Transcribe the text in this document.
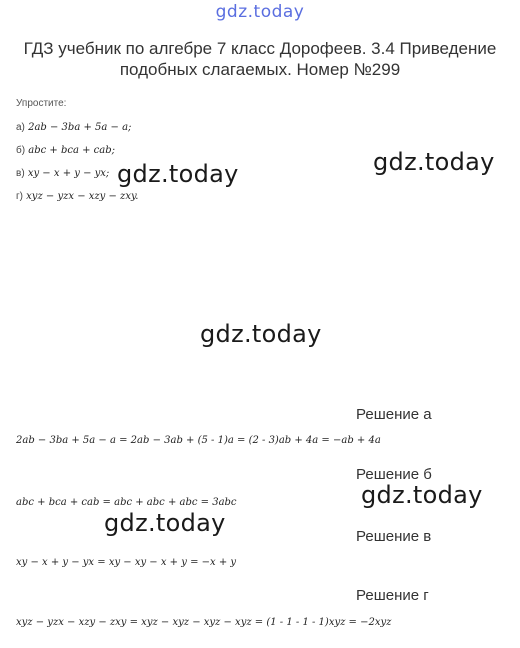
gdz.today
ГДЗ учебник по алгебре 7 класс Дорофеев. 3.4 Приведение подобных слагаемых. Номер №299
Упростите:
а) 2ab − 3ba + 5a − a;
б) abc + bca + cab;
в) xy − x + y − yx;
г) xyz − yzx − xzy − zxy.
gdz.today	gdz.today
gdz.today
gdz.today
gdz.today
Решение а
2ab − 3ba + 5a − a = 2ab − 3ab + (5 - 1)a = (2 - 3)ab + 4a = −ab + 4a
Решение б
abc + bca + cab = abc + abc + abc = 3abc
Решение в
xy − x + y − yx = xy − xy − x + y = −x + y
Решение г
xyz − yzx − xzy − zxy = xyz − xyz − xyz − xyz = (1 - 1 - 1 - 1)xyz = −2xyz
